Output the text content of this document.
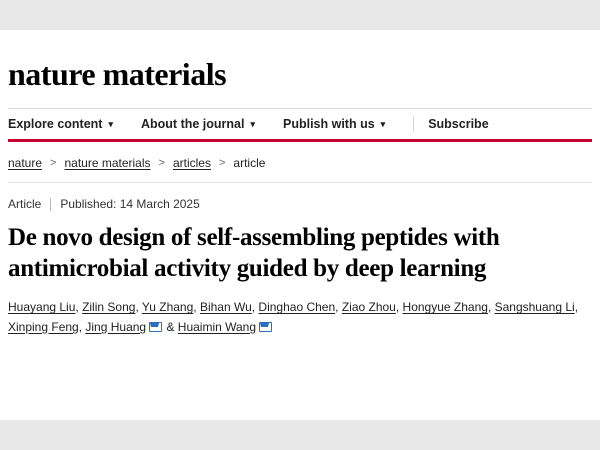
nature materials
Explore content ▾ About the journal ▾ Publish with us ▾	Subscribe
nature > nature materials > articles > article
Article Published: 14 March 2025
De novo design of self-assembling peptides with antimicrobial activity guided by deep learning
Huayang Liu, Zilin Song, Yu Zhang, Bihan Wu, Dinghao Chen, Ziao Zhou, Hongyue Zhang, Sangshuang Li, Xinping Feng, Jing Huang & Huaimin Wang
